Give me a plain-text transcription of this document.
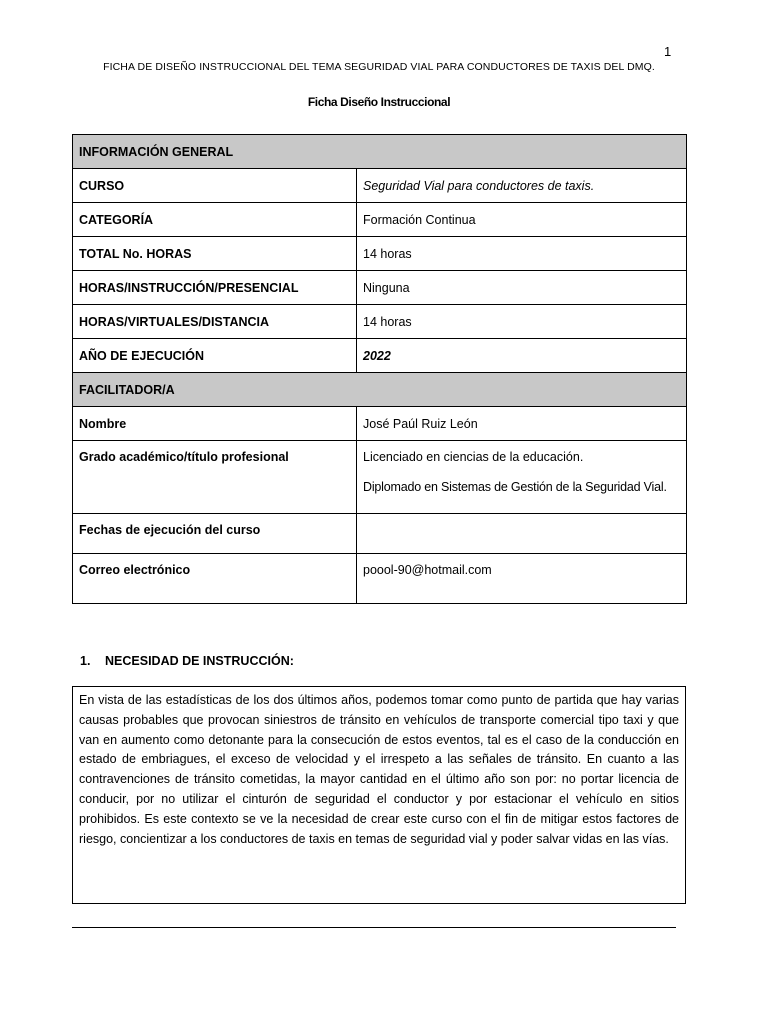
1
FICHA DE DISEÑO INSTRUCCIONAL DEL TEMA SEGURIDAD VIAL PARA CONDUCTORES DE TAXIS DEL DMQ.
Ficha Diseño Instruccional
INFORMACIÓN GENERAL	
CURSO	Seguridad Vial para conductores de taxis.
CATEGORÍA	Formación Continua
TOTAL No. HORAS	14 horas
HORAS/INSTRUCCIÓN/PRESENCIAL	Ninguna
HORAS/VIRTUALES/DISTANCIA	14 horas
AÑO DE EJECUCIÓN	2022
FACILITADOR/A	
Nombre	José Paúl Ruiz León
Grado académico/título profesional	Licenciado en ciencias de la educación.
Diplomado en Sistemas de Gestión de la Seguridad Vial.

Fechas de ejecución del curso	
Correo electrónico	poool-90@hotmail.com
1. NECESIDAD DE INSTRUCCIÓN:
En vista de las estadísticas de los dos últimos años, podemos tomar como punto de partida que hay varias causas probables que provocan siniestros de tránsito en vehículos de transporte comercial tipo taxi y que van en aumento como detonante para la consecución de estos eventos, tal es el caso de la conducción en estado de embriagues, el exceso de velocidad y el irrespeto a las señales de tránsito. En cuanto a las contravenciones de tránsito cometidas, la mayor cantidad en el último año son por: no portar licencia de conducir, por no utilizar el cinturón de seguridad el conductor y por estacionar el vehículo en sitios prohibidos. Es este contexto se ve la necesidad de crear este curso con el fin de mitigar estos factores de riesgo, concientizar a los conductores de taxis en temas de seguridad vial y poder salvar vidas en las vías.
